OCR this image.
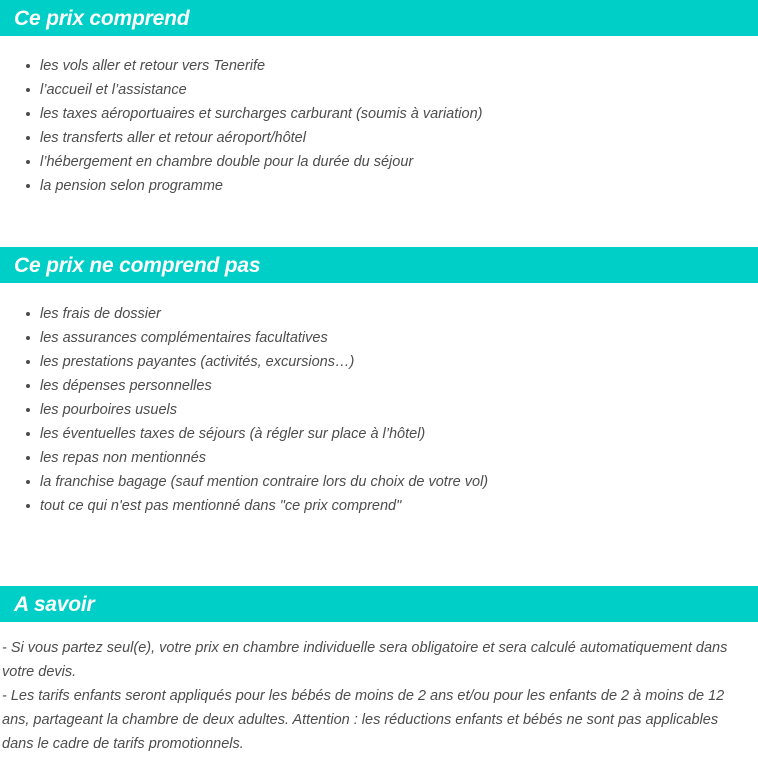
Ce prix comprend
les vols aller et retour vers Tenerife
l’accueil et l’assistance
les taxes aéroportuaires et surcharges carburant (soumis à variation)
les transferts aller et retour aéroport/hôtel
l’hébergement en chambre double pour la durée du séjour
la pension selon programme
Ce prix ne comprend pas
les frais de dossier
les assurances complémentaires facultatives
les prestations payantes (activités, excursions…)
les dépenses personnelles
les pourboires usuels
les éventuelles taxes de séjours (à régler sur place à l’hôtel)
les repas non mentionnés
la franchise bagage (sauf mention contraire lors du choix de votre vol)
tout ce qui n'est pas mentionné dans "ce prix comprend"
A savoir

- Si vous partez seul(e), votre prix en chambre individuelle sera obligatoire et sera calculé automatiquement dans votre devis.

- Les tarifs enfants seront appliqués pour les bébés de moins de 2 ans et/ou pour les enfants de 2 à moins de 12 ans, partageant la chambre de deux adultes. Attention : les réductions enfants et bébés ne sont pas applicables dans le cadre de tarifs promotionnels.
